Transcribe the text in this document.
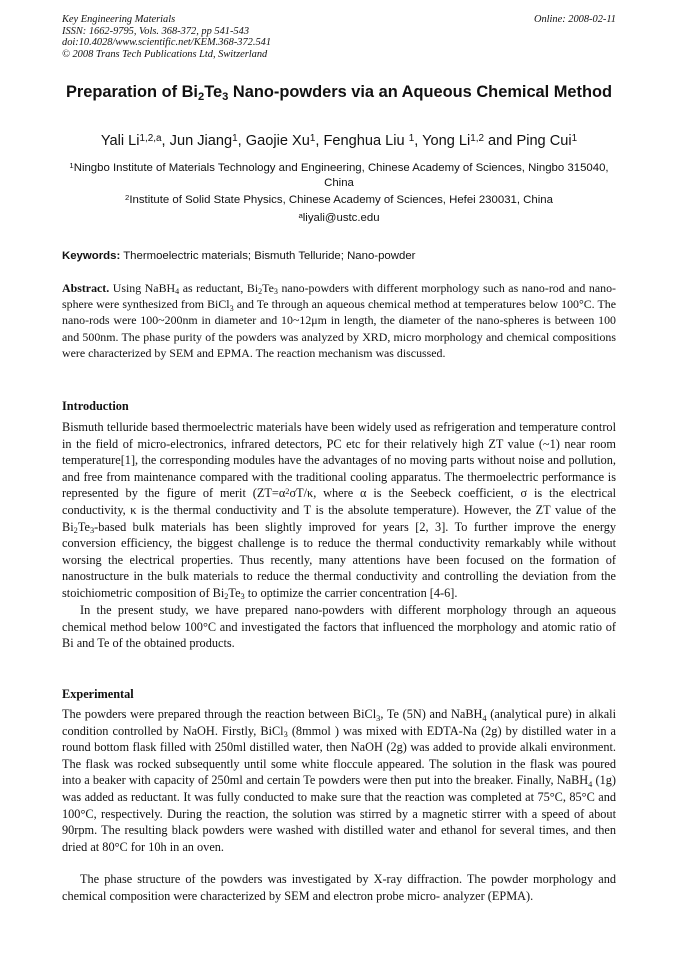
Key Engineering Materials
ISSN: 1662-9795, Vols. 368-372, pp 541-543
doi:10.4028/www.scientific.net/KEM.368-372.541
© 2008 Trans Tech Publications Ltd, Switzerland
Online: 2008-02-11
Preparation of $Bi_2Te_3$ Nano-powders via an Aqueous Chemical Method
Yali Li$^{1,2,a}$, Jun Jiang$^1$, Gaojie Xu$^1$, Fenghua Liu $^1$, Yong Li$^{1,2}$ and Ping Cui$^1$
$^1$Ningbo Institute of Materials Technology and Engineering, Chinese Academy of Sciences, Ningbo 315040, China
$^2$Institute of Solid State Physics, Chinese Academy of Sciences, Hefei 230031, China
$^a$liyali@ustc.edu
Keywords: Thermoelectric materials; Bismuth Telluride; Nano-powder

Abstract. Using NaBH$_4$ as reductant, $Bi_2Te_3$ nano-powders with different morphology such as nano-rod and nano-sphere were synthesized from BiCl$_3$ and Te through an aqueous chemical method at temperatures below 100°C. The nano-rods were 100~200nm in diameter and 10~12μm in length, the diameter of the nano-spheres is between 100 and 500nm. The phase purity of the powders was analyzed by XRD, micro morphology and chemical compositions were characterized by SEM and EPMA. The reaction mechanism was discussed.

Introduction

Bismuth telluride based thermoelectric materials have been widely used as refrigeration and temperature control in the field of micro-electronics, infrared detectors, PC etc for their relatively high ZT value (~1) near room temperature[1], the corresponding modules have the advantages of no moving parts without noise and pollution, and free from maintenance compared with the traditional cooling apparatus. The thermoelectric performance is represented by the figure of merit ($ZT=\alpha^2\sigma T/\kappa$, where α is the Seebeck coefficient, σ is the electrical conductivity, κ is the thermal conductivity and T is the absolute temperature). However, the ZT value of the $Bi_2Te_3$-based bulk materials has been slightly improved for years [2, 3]. To further improve the energy conversion efficiency, the biggest challenge is to reduce the thermal conductivity remarkably while without worsing the electrical properties. Thus recently, many attentions have been focused on the formation of nanostructure in the bulk materials to reduce the thermal conductivity and controlling the deviation from the stoichiometric composition of $Bi_2Te_3$ to optimize the carrier concentration [4-6].

In the present study, we have prepared nano-powders with different morphology through an aqueous chemical method below 100°C and investigated the factors that influenced the morphology and atomic ratio of Bi and Te of the obtained products.

Experimental

The powders were prepared through the reaction between BiCl$_3$, Te (5N) and NaBH$_4$ (analytical pure) in alkali condition controlled by NaOH. Firstly, BiCl$_3$ (8mmol ) was mixed with EDTA-Na (2g) by distilled water in a round bottom flask filled with 250ml distilled water, then NaOH (2g) was added to provide alkali environment. The flask was rocked subsequently until some white floccule appeared. The solution in the flask was poured into a beaker with capacity of 250ml and certain Te powders were then put into the breaker. Finally, NaBH$_4$ (1g) was added as reductant. It was fully conducted to make sure that the reaction was completed at 75°C, 85°C and 100°C, respectively. During the reaction, the solution was stirred by a magnetic stirrer with a speed of about 90rpm. The resulting black powders were washed with distilled water and ethanol for several times, and then dried at 80°C for 10h in an oven.

The phase structure of the powders was investigated by X-ray diffraction. The powder morphology and chemical composition were characterized by SEM and electron probe micro- analyzer (EPMA).
